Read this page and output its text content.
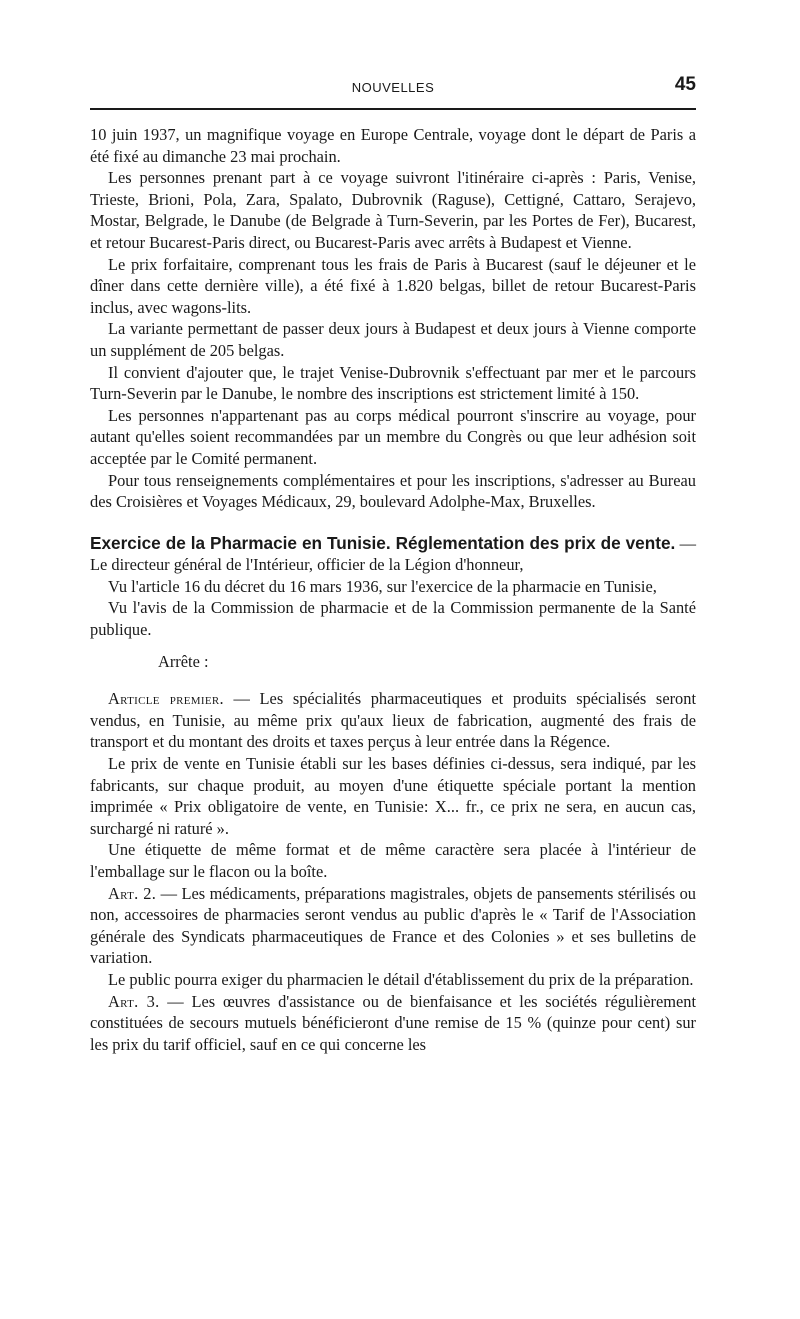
NOUVELLES	45

10 juin 1937, un magnifique voyage en Europe Centrale, voyage dont le départ de Paris a été fixé au dimanche 23 mai prochain.

Les personnes prenant part à ce voyage suivront l'itinéraire ci-après : Paris, Venise, Trieste, Brioni, Pola, Zara, Spalato, Dubrovnik (Raguse), Cettigné, Cattaro, Serajevo, Mostar, Belgrade, le Danube (de Belgrade à Turn-Severin, par les Portes de Fer), Bucarest, et retour Bucarest-Paris direct, ou Bucarest-Paris avec arrêts à Budapest et Vienne.

Le prix forfaitaire, comprenant tous les frais de Paris à Bucarest (sauf le déjeuner et le dîner dans cette dernière ville), a été fixé à 1.820 belgas, billet de retour Bucarest-Paris inclus, avec wagons-lits.

La variante permettant de passer deux jours à Budapest et deux jours à Vienne comporte un supplément de 205 belgas.

Il convient d'ajouter que, le trajet Venise-Dubrovnik s'effectuant par mer et le parcours Turn-Severin par le Danube, le nombre des inscriptions est strictement limité à 150.

Les personnes n'appartenant pas au corps médical pourront s'inscrire au voyage, pour autant qu'elles soient recommandées par un membre du Congrès ou que leur adhésion soit acceptée par le Comité permanent.

Pour tous renseignements complémentaires et pour les inscriptions, s'adresser au Bureau des Croisières et Voyages Médicaux, 29, boulevard Adolphe-Max, Bruxelles.

Exercice de la Pharmacie en Tunisie. Réglementation des prix de vente. — Le directeur général de l'Intérieur, officier de la Légion d'honneur,

Vu l'article 16 du décret du 16 mars 1936, sur l'exercice de la pharmacie en Tunisie,

Vu l'avis de la Commission de pharmacie et de la Commission permanente de la Santé publique.

Arrête :

Article premier. — Les spécialités pharmaceutiques et produits spécialisés seront vendus, en Tunisie, au même prix qu'aux lieux de fabrication, augmenté des frais de transport et du montant des droits et taxes perçus à leur entrée dans la Régence.

Le prix de vente en Tunisie établi sur les bases définies ci-dessus, sera indiqué, par les fabricants, sur chaque produit, au moyen d'une étiquette spéciale portant la mention imprimée « Prix obligatoire de vente, en Tunisie: X... fr., ce prix ne sera, en aucun cas, surchargé ni raturé ».

Une étiquette de même format et de même caractère sera placée à l'intérieur de l'emballage sur le flacon ou la boîte.

Art. 2. — Les médicaments, préparations magistrales, objets de pansements stérilisés ou non, accessoires de pharmacies seront vendus au public d'après le « Tarif de l'Association générale des Syndicats pharmaceutiques de France et des Colonies » et ses bulletins de variation.

Le public pourra exiger du pharmacien le détail d'établissement du prix de la préparation.

Art. 3. — Les œuvres d'assistance ou de bienfaisance et les sociétés régulièrement constituées de secours mutuels bénéficieront d'une remise de 15 % (quinze pour cent) sur les prix du tarif officiel, sauf en ce qui concerne les
